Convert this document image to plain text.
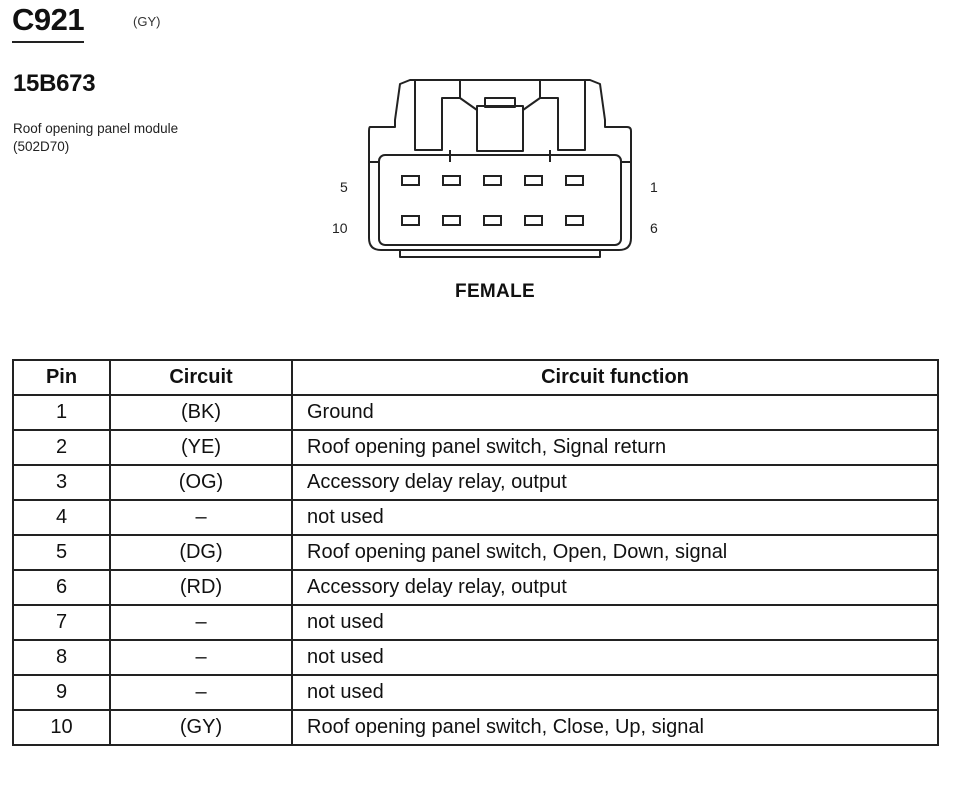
C921	(GY)
15B673
Roof opening panel module (502D70)
5
10
1
6
FEMALE
Pin	Circuit	Circuit function
1	(BK)	Ground
2	(YE)	Roof opening panel switch, Signal return
3	(OG)	Accessory delay relay, output
4	–	not used
5	(DG)	Roof opening panel switch, Open, Down, signal
6	(RD)	Accessory delay relay, output
7	–	not used
8	–	not used
9	–	not used
10	(GY)	Roof opening panel switch, Close, Up, signal
